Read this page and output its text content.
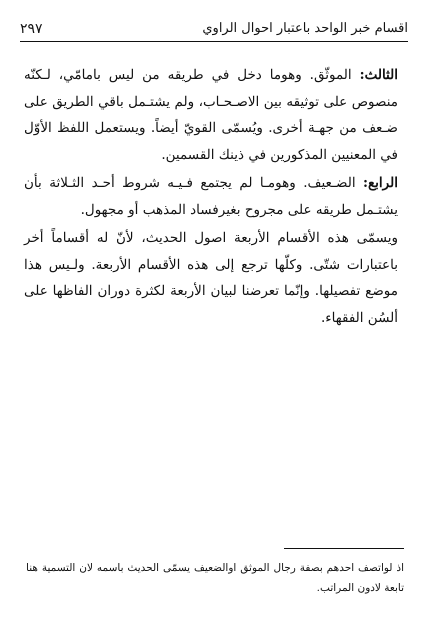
اقسام خبر الواحد باعتبار احوال الراوي
٢٩٧

الثالث: الموثّق. وهوما دخل في طريقه من ليس بامامّي، لـكنّه منصوص على توثيقه بين الاصـحـاب، ولم يشتـمل باقي الطريق على ضـعف من جهـة أخرى. ويُسمّى القويّ أيضاً. ويستعمل اللفظ الأوّل في المعنيين المذكورين في ذينك القسمين.

الرابع: الضـعيف. وهومـا لم يجتمع فـيـه شروط أحـد الثـلاثة بأن يشتـمل طريقه على مجروح بغيرفساد المذهب أو مجهول.

ويسمّى هذه الأقسام الأربعة اصول الحديث، لأنّ له أقساماً أخر باعتبارات شتّى. وكلّها ترجع إلى هذه الأقسام الأربعة. ولـيس هذا موضع تفصيلها. وإنّما تعرضنا لبيان الأربعة لكثرة دوران الفاظها على ألسُن الفقهاء.

اذ لواتصف احدهم بصفة رجال الموثق اوالضعيف يسمّى الحديث باسمه لان التسمية هنا تابعة لادون المراتب.
